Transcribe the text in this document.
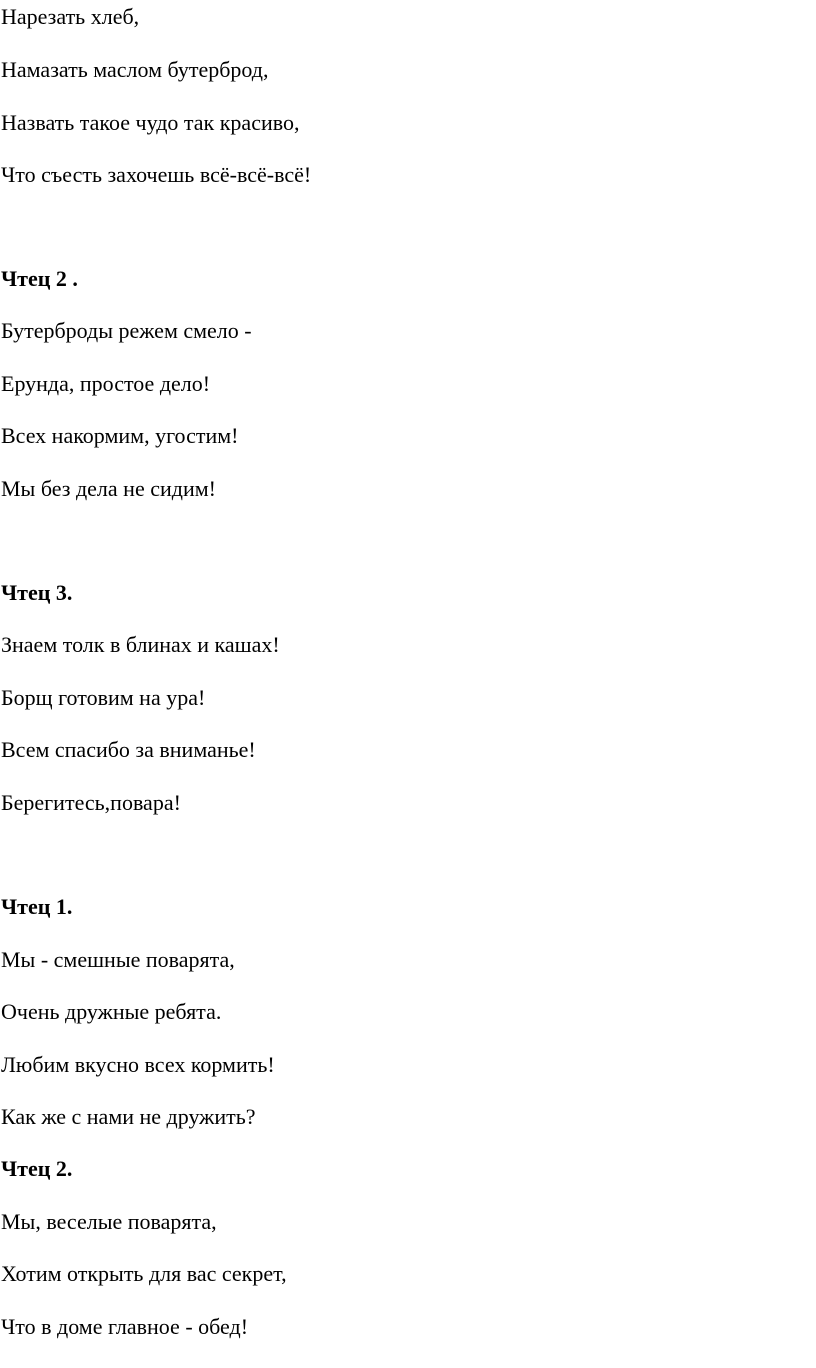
Нарезать хлеб,
Намазать маслом бутерброд,
Назвать такое чудо так красиво,
Что съесть захочешь всё-всё-всё!
Чтец 2 .
Бутерброды режем смело -
Ерунда, простое дело!
Всех накормим, угостим!
Мы без дела не сидим!
Чтец 3.
Знаем толк в блинах и кашах!
Борщ готовим на ура!
Всем спасибо за вниманье!
Берегитесь,повара!
Чтец 1.
Мы - смешные поварята,
Очень дружные ребята.
Любим вкусно всех кормить!
Как же с нами не дружить?
Чтец 2.
Мы, веселые поварята,
Хотим открыть для вас секрет,
Что в доме главное - обед!
